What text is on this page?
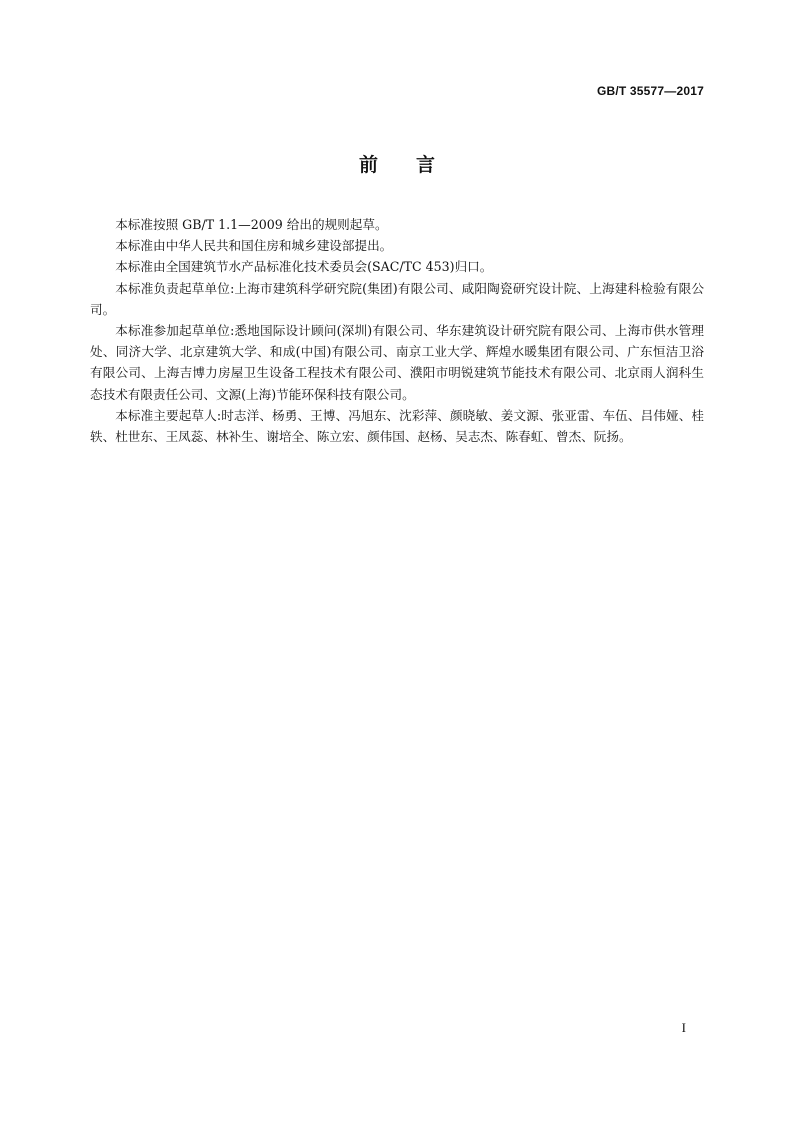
GB/T 35577—2017
前言

本标准按照 GB/T 1.1—2009 给出的规则起草。

本标准由中华人民共和国住房和城乡建设部提出。

本标准由全国建筑节水产品标准化技术委员会(SAC/TC 453)归口。

本标准负责起草单位:上海市建筑科学研究院(集团)有限公司、咸阳陶瓷研究设计院、上海建科检验有限公司。

本标准参加起草单位:悉地国际设计顾问(深圳)有限公司、华东建筑设计研究院有限公司、上海市供水管理处、同济大学、北京建筑大学、和成(中国)有限公司、南京工业大学、辉煌水暖集团有限公司、广东恒洁卫浴有限公司、上海吉博力房屋卫生设备工程技术有限公司、濮阳市明锐建筑节能技术有限公司、北京雨人润科生态技术有限责任公司、文源(上海)节能环保科技有限公司。

本标准主要起草人:时志洋、杨勇、王博、冯旭东、沈彩萍、颜晓敏、姜文源、张亚雷、车伍、吕伟娅、桂轶、杜世东、王凤蕊、林补生、谢培全、陈立宏、颜伟国、赵杨、吴志杰、陈春虹、曾杰、阮扬。

I
